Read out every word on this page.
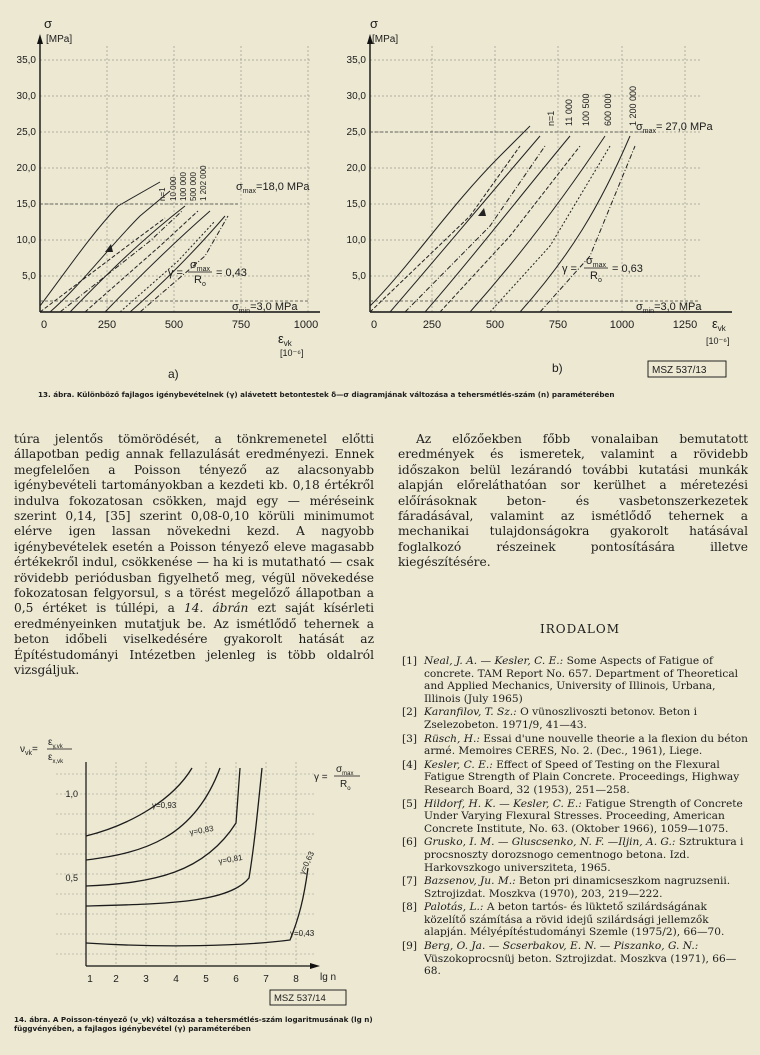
σ
[MPa]
35,0
30,0
25,0
20,0
15,0
10,0
5,0
0	250	500	750	1000
$\varepsilon_{vk}$
[10⁻⁶]
n=1 10 000 100 000 500 000 1 202 000	$\sigma_{max}=18,0$ MPa
γ =
$\sigma_{max}$
$R_o$
= 0,43
$\sigma_{min}=3,0$ MPa
a)
σ
[MPa]
35,0
30,0
25,0
20,0
15,0
10,0
5,0
0	250	500	750	1000	1250 $\varepsilon_{vk}$
[10⁻⁶]
n=1 11 000 100 500 600 000 1 200 000
$\sigma_{max}= 27,0$ MPa
γ =
$\sigma_{max}$
$R_o$
= 0,63
$\sigma_{min}=3,0$ MPa
b)	MSZ 537/13
13. ábra. Különböző fajlagos igénybevételnek (γ) alávetett betontestek δ—σ diagramjának változása a tehersmétlés-szám (n) paraméterében

túra jelentős tömörödését, a tönkremenetel előtti állapotban pedig annak fellazulását eredményezi. Ennek megfelelően a Poisson tényező az alacsonyabb igénybevételi tartományokban a kezdeti kb. 0,18 értékről indulva fokozatosan csökken, majd egy — méréseink szerint 0,14, [35] szerint 0,08-0,10 körüli minimumot elérve igen lassan növekedni kezd. A nagyobb igénybevételek esetén a Poisson tényező eleve magasabb értékekről indul, csökkenése — ha ki is mutatható — csak rövidebb periódusban figyelhető meg, végül növekedése fokozatosan felgyorsul, s a törést megelőző állapotban a 0,5 értéket is túllépi, a 14. ábrán ezt saját kísérleti eredményeinken mutatjuk be. Az ismétlődő tehernek a beton időbeli viselkedésére gyakorolt hatását az Építéstudományi Intézetben jelenleg is több oldalról vizsgáljuk.

Az előzőekben főbb vonalaiban bemutatott eredmények és ismeretek, valamint a rövidebb időszakon belül lezárandó további kutatási munkák alapján előreláthatóan sor kerülhet a méretezési előírásoknak beton- és vasbetonszerkezetek fáradásával, valamint az ismétlődő tehernek a mechanikai tulajdonságokra gyakorolt hatásával foglalkozó részeinek pontosítására illetve kiegészítésére.

IRODALOM
[1] Neal, J. A. — Kesler, C. E.: Some Aspects of Fatigue of concrete. TAM Report No. 657. Department of Theoretical and Applied Mechanics, University of Illinois, Urbana, Illinois (July 1965)
[2] Karanfilov, T. Sz.: O vünoszlivoszti betonov. Beton i Zselezobeton. 1971/9, 41—43.
[3] Rüsch, H.: Essai d'une nouvelle theorie a la flexion du béton armé. Memoires CERES, No. 2. (Dec., 1961), Liege.
[4] Kesler, C. E.: Effect of Speed of Testing on the Flexural Fatigue Strength of Plain Concrete. Proceedings, Highway Research Board, 32 (1953), 251—258.
[5] Hildorf, H. K. — Kesler, C. E.: Fatigue Strength of Concrete Under Varying Flexural Stresses. Proceeding, American Concrete Institute, No. 63. (Oktober 1966), 1059—1075.
[6] Grusko, I. M. — Gluscsenko, N. F. —Iljin, A. G.: Sztruktura i procsnoszty dorozsnogo cementnogo betona. Izd. Harkovszkogo universziteta, 1965.
[7] Bazsenov, Ju. M.: Beton pri dinamicseszkom nagruzsenii. Sztrojizdat. Moszkva (1970), 203, 219—222.
[8] Palotás, L.: A beton tartós- és lüktető szilárdságának közelítő számítása a rövid idejű szilárdsági jellemzők alapján. Mélyépítéstudományi Szemle (1975/2), 66—70.
[9] Berg, O. Ja. — Scserbakov, E. N. — Piszanko, G. N.: Vüszokoprocsnüj beton. Sztrojizdat. Moszkva (1971), 66—68.
$\nu_{vk}=$
$\varepsilon_{y,vk}$
$\varepsilon_{x,vk}$
1,0
0,5
1 2 3 4 5 6 7 8 lg n
γ=0,93
γ=0,83
γ=0,81	γ=0,63
γ=0,43
γ =
$\sigma_{max}$
$R_o$
MSZ 537/14
14. ábra. A Poisson-tényező (ν_vk) változása a tehersmétlés-szám logaritmusának (lg n) függvényében, a fajlagos igénybevétel (γ) paraméterében
